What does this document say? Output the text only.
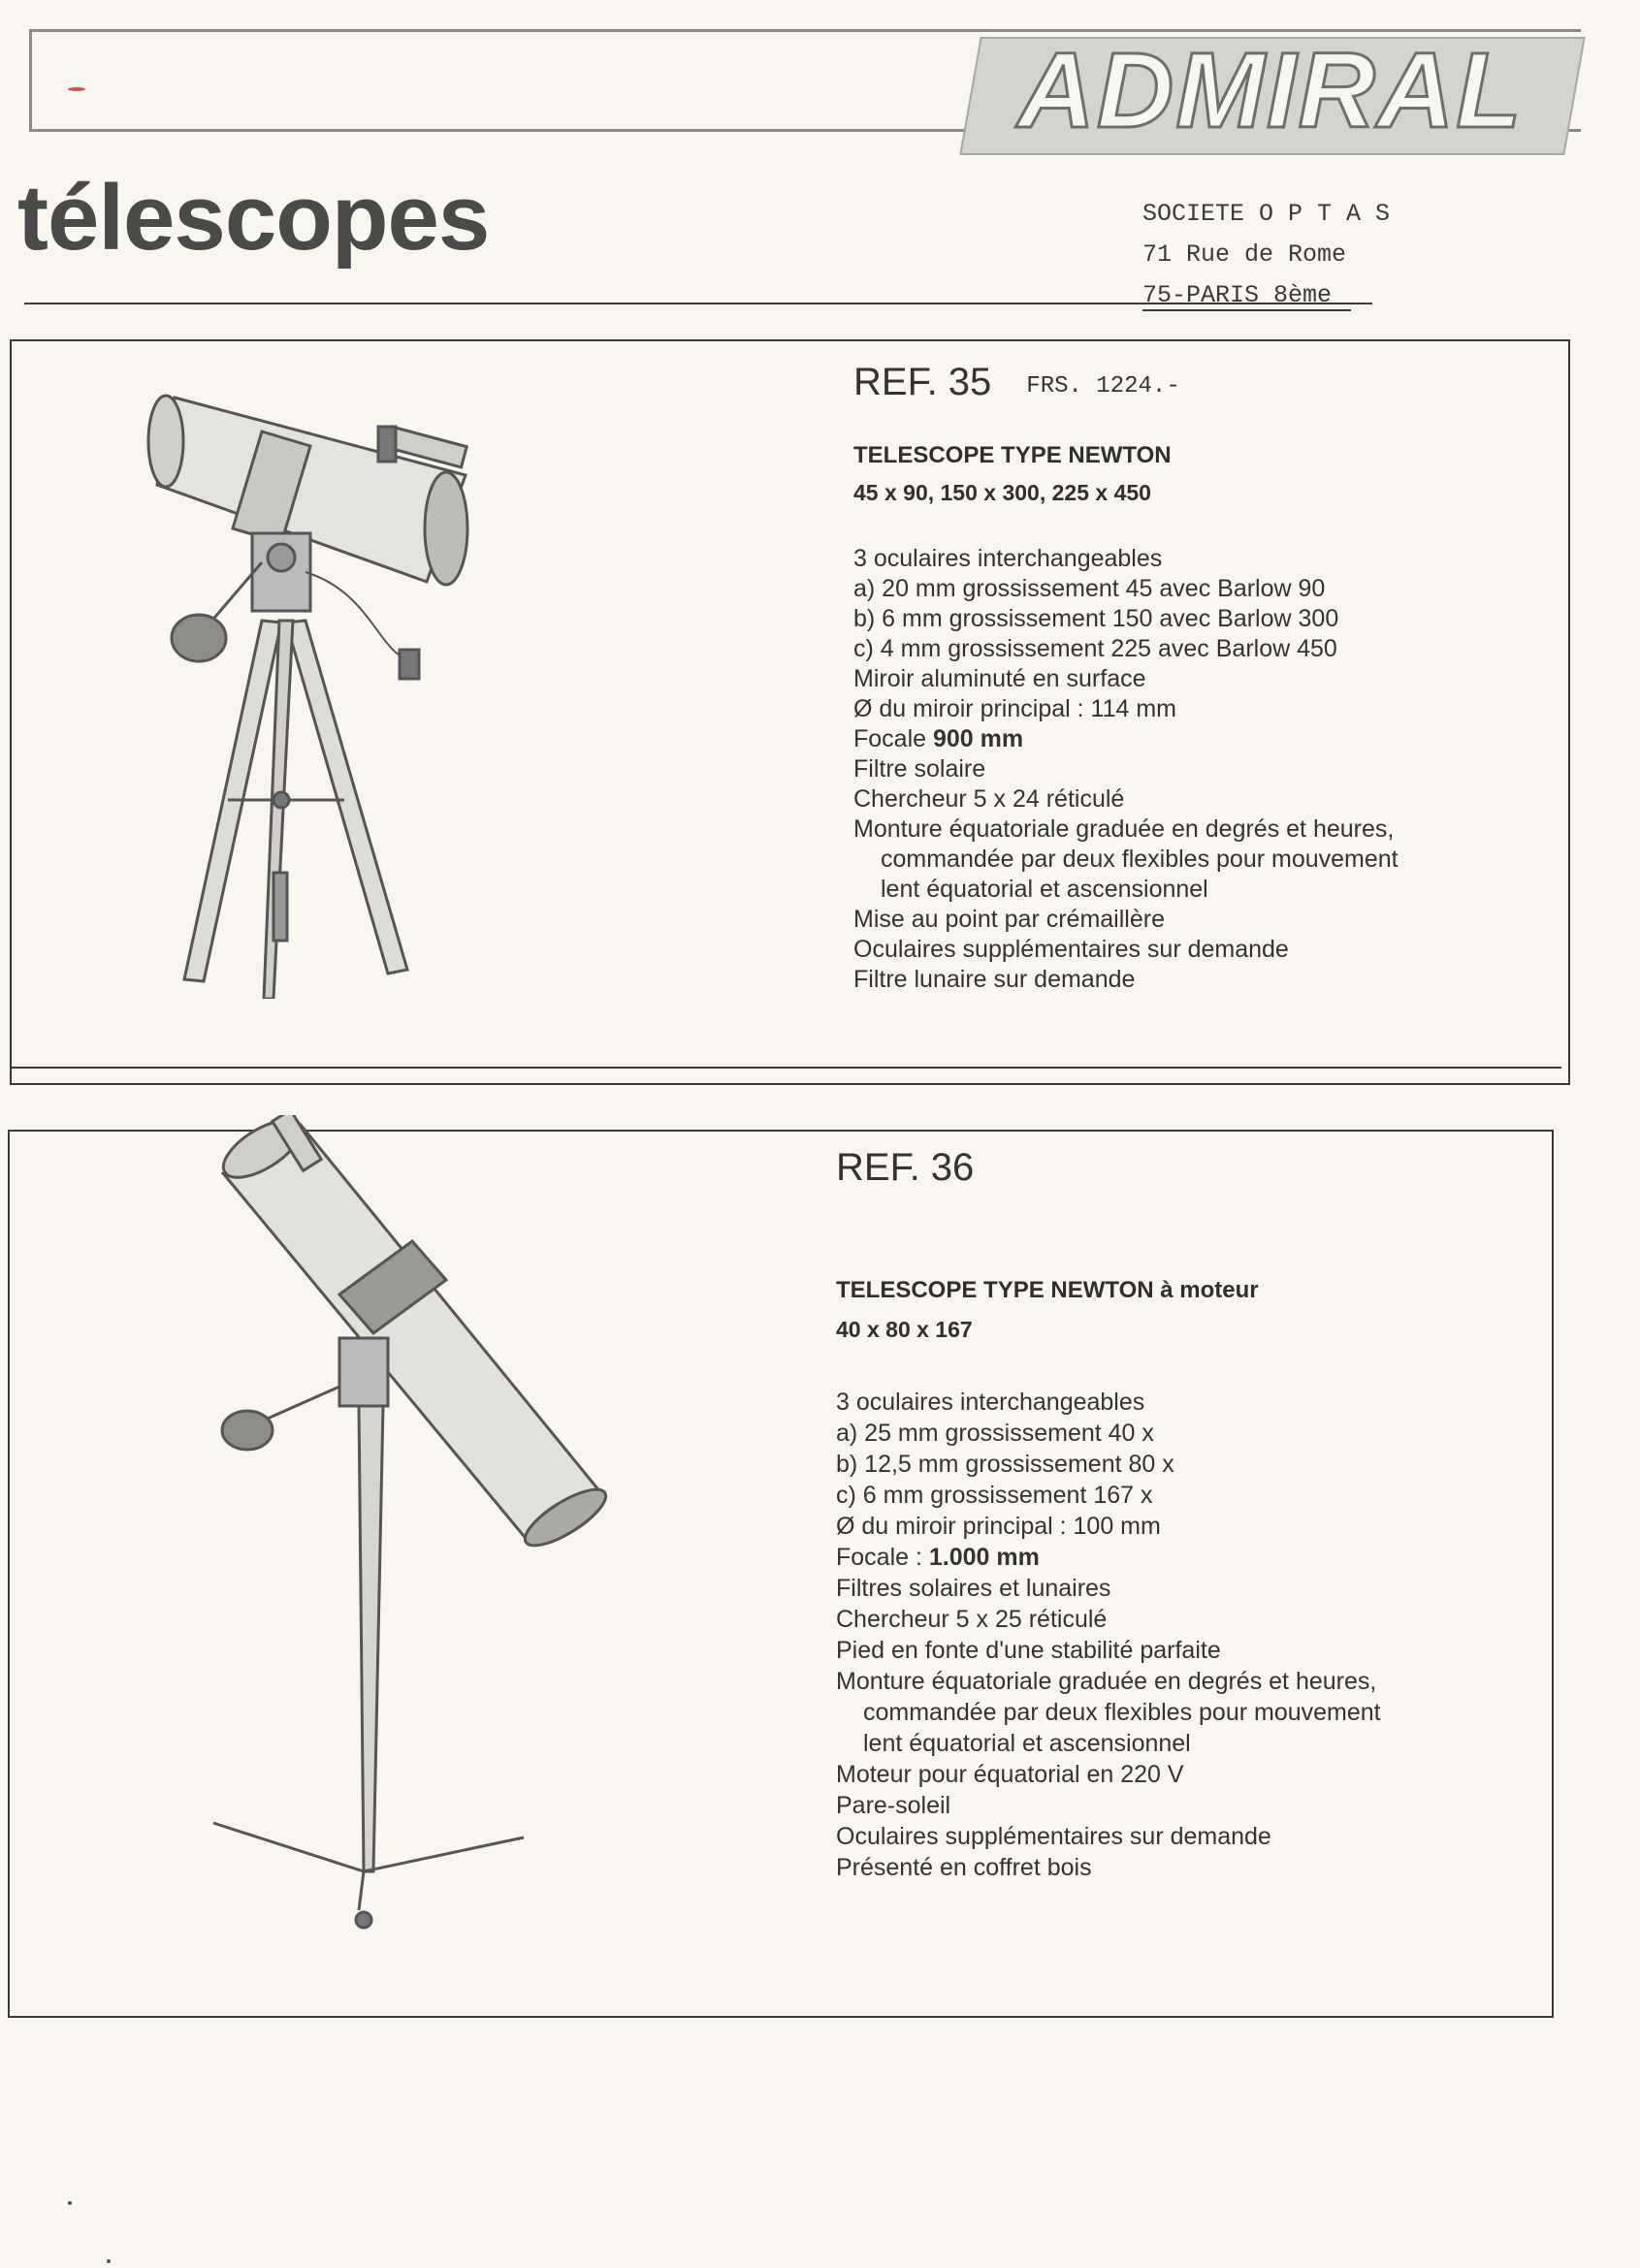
ADMIRAL
télescopes	SOCIETE O P T A S
71 Rue de Rome
75-PARIS 8ème
REF. 35 FRS. 1224.-
TELESCOPE TYPE NEWTON
45 x 90, 150 x 300, 225 x 450
3 oculaires interchangeables
a) 20 mm grossissement 45 avec Barlow 90
b) 6 mm grossissement 150 avec Barlow 300
c) 4 mm grossissement 225 avec Barlow 450
Miroir aluminuté en surface
Ø du miroir principal : 114 mm
Focale 900 mm
Filtre solaire
Chercheur 5 x 24 réticulé
Monture équatoriale graduée en degrés et heures,
commandée par deux flexibles pour mouvement
lent équatorial et ascensionnel
Mise au point par crémaillère
Oculaires supplémentaires sur demande
Filtre lunaire sur demande
REF. 36
TELESCOPE TYPE NEWTON à moteur
40 x 80 x 167
3 oculaires interchangeables
a) 25 mm grossissement 40 x
b) 12,5 mm grossissement 80 x
c) 6 mm grossissement 167 x
Ø du miroir principal : 100 mm
Focale : 1.000 mm
Filtres solaires et lunaires
Chercheur 5 x 25 réticulé
Pied en fonte d'une stabilité parfaite
Monture équatoriale graduée en degrés et heures,
commandée par deux flexibles pour mouvement
lent équatorial et ascensionnel
Moteur pour équatorial en 220 V
Pare-soleil
Oculaires supplémentaires sur demande
Présenté en coffret bois
